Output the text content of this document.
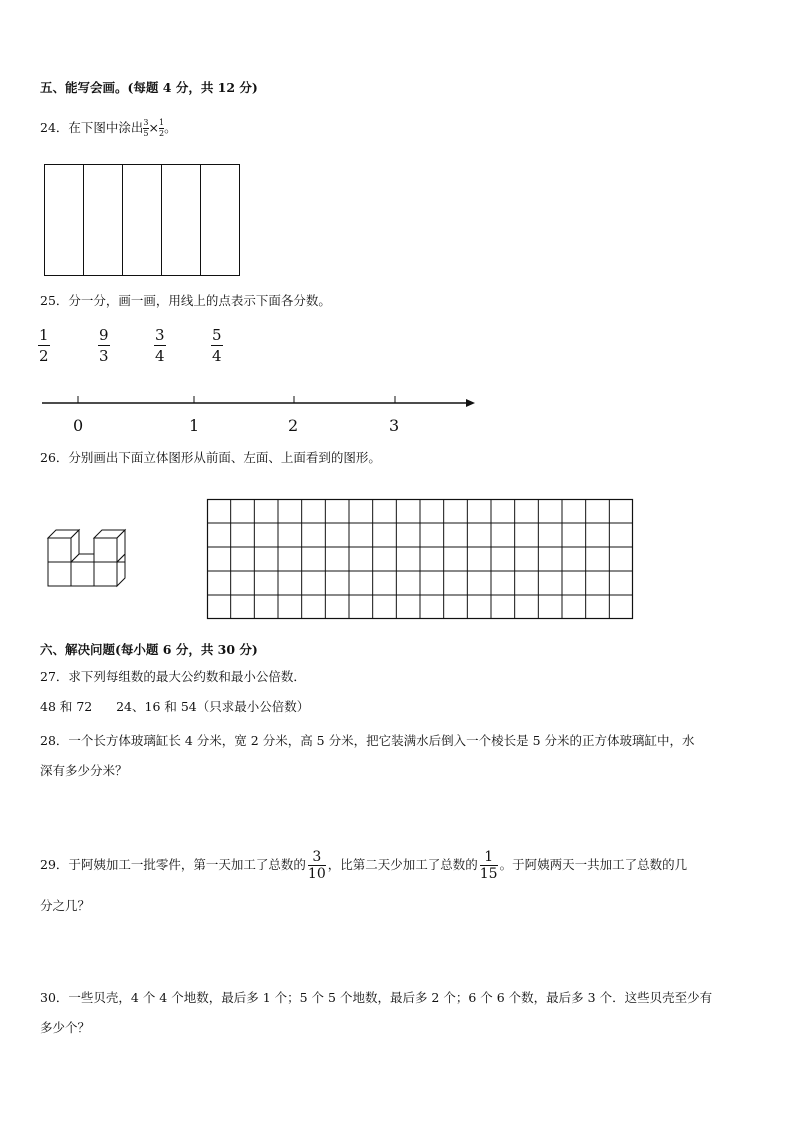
五、能写会画。(每题 4 分，共 12 分)
24．在下图中涂出 $\frac{3}{5} \times \frac{1}{2}$ 。
25．分一分，画一画，用线上的点表示下面各分数。
1
2
9
3
3
4
5
4
0	1	2	3
26．分别画出下面立体图形从前面、左面、上面看到的图形。
六、解决问题(每小题 6 分，共 30 分)
27．求下列每组数的最大公约数和最小公倍数．
48 和 72      24、16 和 54（只求最小公倍数）
28．一个长方体玻璃缸长 4 分米，宽 2 分米，高 5 分米，把它装满水后倒入一个棱长是 5 分米的正方体玻璃缸中，水
深有多少分米？
29．于阿姨加工一批零件，第一天加工了总数的 $\frac{3}{10}$ ，比第二天少加工了总数的 $\frac{1}{15}$ 。于阿姨两天一共加工了总数的几
分之几？
30．一些贝壳，4 个 4 个地数，最后多 1 个；5 个 5 个地数，最后多 2 个；6 个 6 个数，最后多 3 个．这些贝壳至少有
多少个？
